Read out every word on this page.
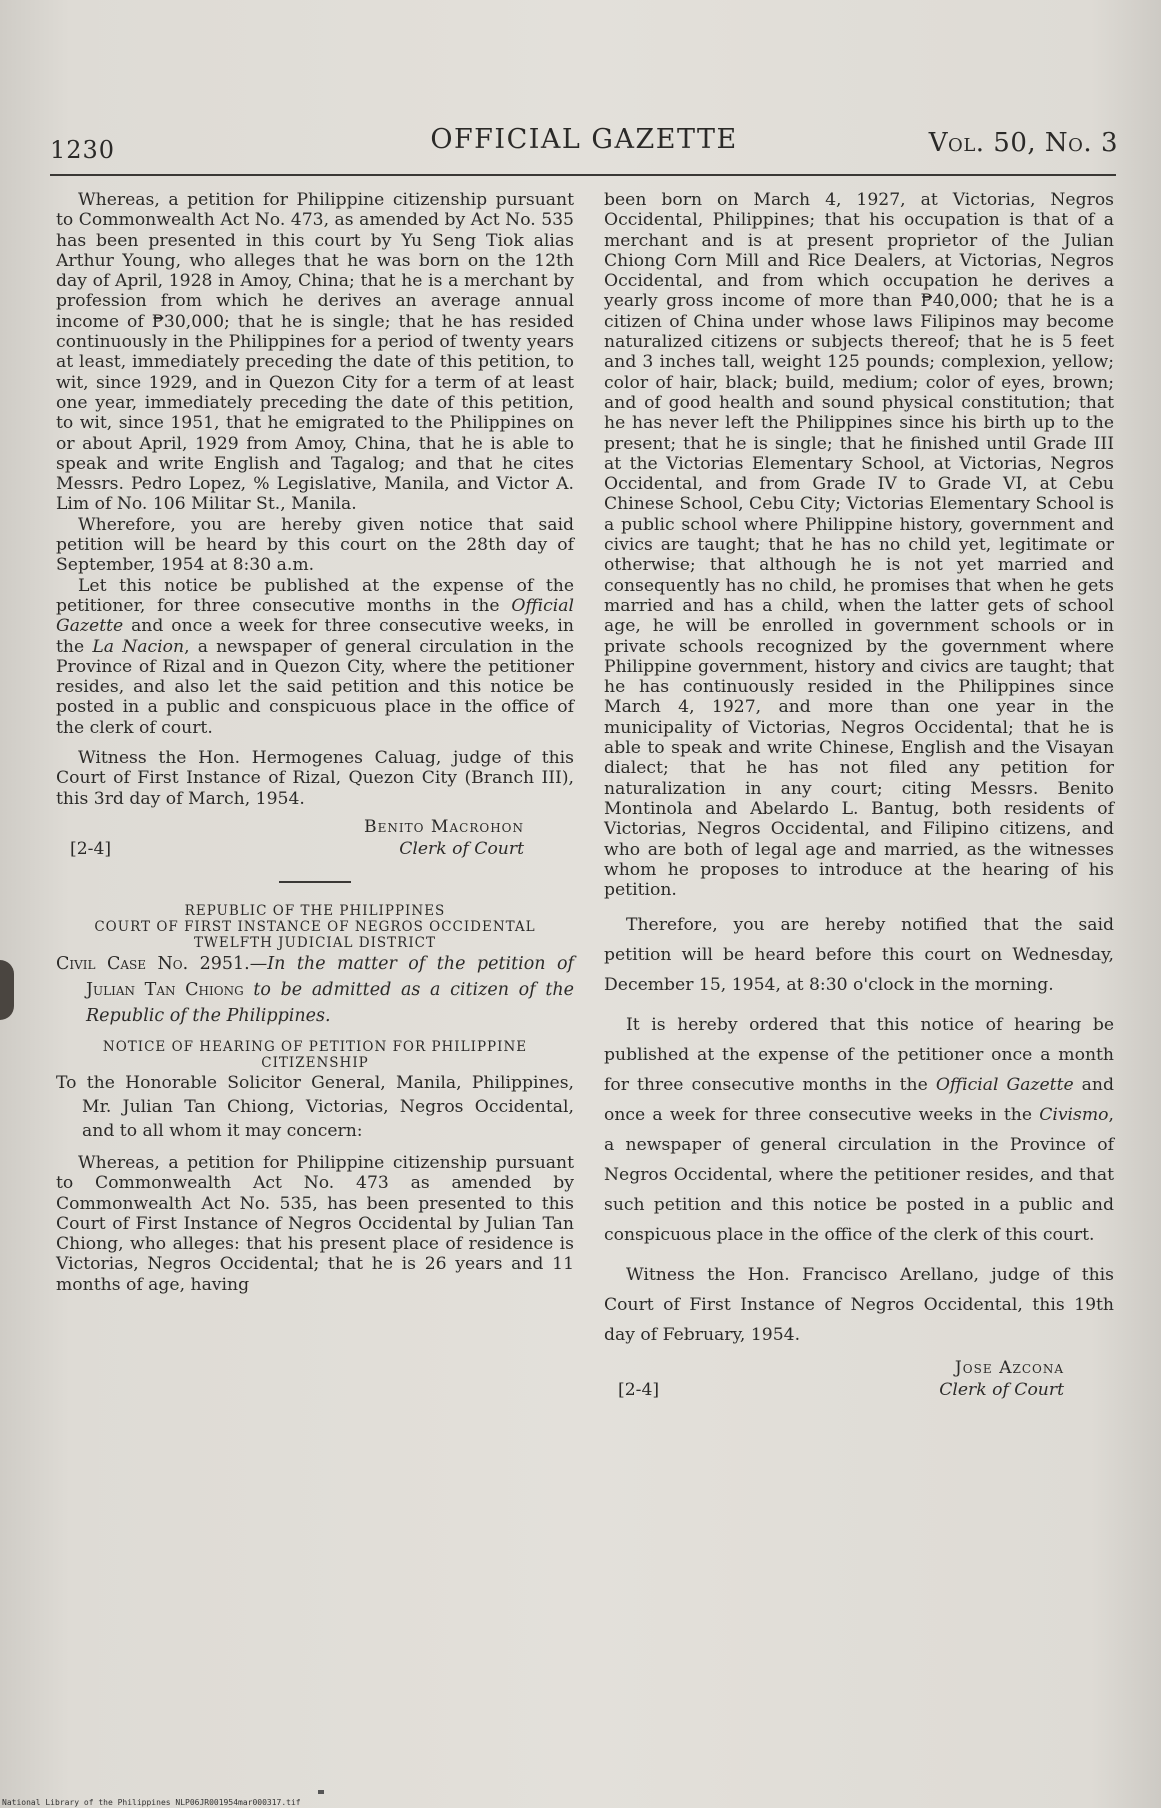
1230	OFFICIAL GAZETTE	Vol. 50, No. 3

Whereas, a petition for Philippine citizenship pursuant to Commonwealth Act No. 473, as amended by Act No. 535 has been presented in this court by Yu Seng Tiok alias Arthur Young, who alleges that he was born on the 12th day of April, 1928 in Amoy, China; that he is a merchant by profession from which he derives an average annual income of ₱30,000; that he is single; that he has resided continuously in the Philippines for a period of twenty years at least, immediately preceding the date of this petition, to wit, since 1929, and in Quezon City for a term of at least one year, immediately preceding the date of this petition, to wit, since 1951, that he emigrated to the Philippines on or about April, 1929 from Amoy, China, that he is able to speak and write English and Tagalog; and that he cites Messrs. Pedro Lopez, % Legislative, Manila, and Victor A. Lim of No. 106 Militar St., Manila.

Wherefore, you are hereby given notice that said petition will be heard by this court on the 28th day of September, 1954 at 8:30 a.m.

Let this notice be published at the expense of the petitioner, for three consecutive months in the Official Gazette and once a week for three consecutive weeks, in the La Nacion, a newspaper of general circulation in the Province of Rizal and in Quezon City, where the petitioner resides, and also let the said petition and this notice be posted in a public and conspicuous place in the office of the clerk of court.

Witness the Hon. Hermogenes Caluag, judge of this Court of First Instance of Rizal, Quezon City (Branch III), this 3rd day of March, 1954.

Benito Macrohon
[2-4]	Clerk of Court
REPUBLIC OF THE PHILIPPINES
COURT OF FIRST INSTANCE OF NEGROS OCCIDENTAL
TWELFTH JUDICIAL DISTRICT

Civil Case No. 2951.—In the matter of the petition of Julian Tan Chiong to be admitted as a citizen of the Republic of the Philippines.

NOTICE OF HEARING OF PETITION FOR PHILIPPINE
CITIZENSHIP

To the Honorable Solicitor General, Manila, Philippines, Mr. Julian Tan Chiong, Victorias, Negros Occidental, and to all whom it may concern:

Whereas, a petition for Philippine citizenship pursuant to Commonwealth Act No. 473 as amended by Commonwealth Act No. 535, has been presented to this Court of First Instance of Negros Occidental by Julian Tan Chiong, who alleges: that his present place of residence is Victorias, Negros Occidental; that he is 26 years and 11 months of age, having

been born on March 4, 1927, at Victorias, Negros Occidental, Philippines; that his occupation is that of a merchant and is at present proprietor of the Julian Chiong Corn Mill and Rice Dealers, at Victorias, Negros Occidental, and from which occupation he derives a yearly gross income of more than ₱40,000; that he is a citizen of China under whose laws Filipinos may become naturalized citizens or subjects thereof; that he is 5 feet and 3 inches tall, weight 125 pounds; complexion, yellow; color of hair, black; build, medium; color of eyes, brown; and of good health and sound physical constitution; that he has never left the Philippines since his birth up to the present; that he is single; that he finished until Grade III at the Victorias Elementary School, at Victorias, Negros Occidental, and from Grade IV to Grade VI, at Cebu Chinese School, Cebu City; Victorias Elementary School is a public school where Philippine history, government and civics are taught; that he has no child yet, legitimate or otherwise; that although he is not yet married and consequently has no child, he promises that when he gets married and has a child, when the latter gets of school age, he will be enrolled in government schools or in private schools recognized by the government where Philippine government, history and civics are taught; that he has continuously resided in the Philippines since March 4, 1927, and more than one year in the municipality of Victorias, Negros Occidental; that he is able to speak and write Chinese, English and the Visayan dialect; that he has not filed any petition for naturalization in any court; citing Messrs. Benito Montinola and Abelardo L. Bantug, both residents of Victorias, Negros Occidental, and Filipino citizens, and who are both of legal age and married, as the witnesses whom he proposes to introduce at the hearing of his petition.

Therefore, you are hereby notified that the said petition will be heard before this court on Wednesday, December 15, 1954, at 8:30 o'clock in the morning.

It is hereby ordered that this notice of hearing be published at the expense of the petitioner once a month for three consecutive months in the Official Gazette and once a week for three consecutive weeks in the Civismo, a newspaper of general circulation in the Province of Negros Occidental, where the petitioner resides, and that such petition and this notice be posted in a public and conspicuous place in the office of the clerk of this court.

Witness the Hon. Francisco Arellano, judge of this Court of First Instance of Negros Occidental, this 19th day of February, 1954.

Jose Azcona
[2-4]	Clerk of Court
National Library of the Philippines NLP06JR001954mar000317.tif
